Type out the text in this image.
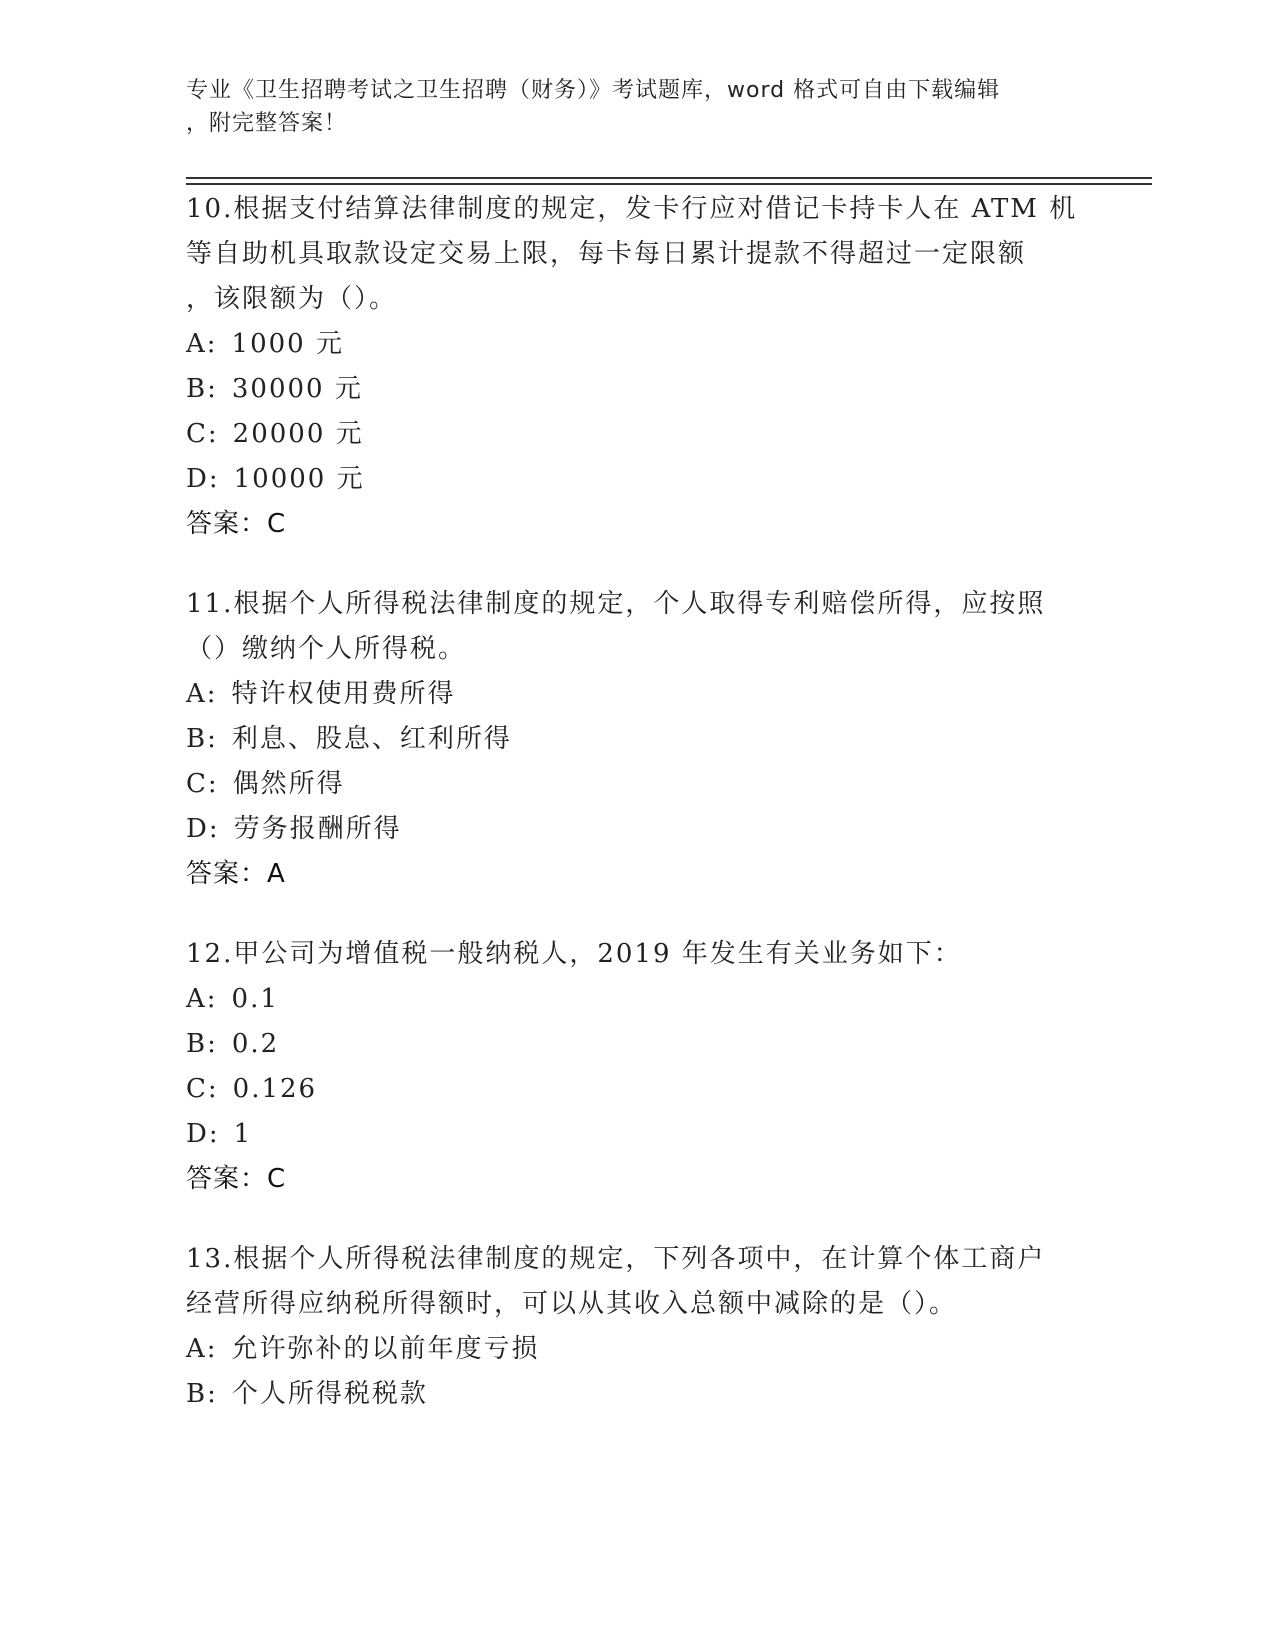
专业《卫生招聘考试之卫生招聘（财务）》考试题库，word 格式可自由下载编辑
，附完整答案！
10.根据支付结算法律制度的规定，发卡行应对借记卡持卡人在 ATM 机
等自助机具取款设定交易上限，每卡每日累计提款不得超过一定限额
，该限额为（）。
A: 1000 元
B: 30000 元
C: 20000 元
D: 10000 元
答案：C
11.根据个人所得税法律制度的规定，个人取得专利赔偿所得，应按照
（）缴纳个人所得税。
A: 特许权使用费所得
B: 利息、股息、红利所得
C: 偶然所得
D: 劳务报酬所得
答案：A
12.甲公司为增值税一般纳税人，2019 年发生有关业务如下：
A: 0.1
B: 0.2
C: 0.126
D: 1
答案：C
13.根据个人所得税法律制度的规定，下列各项中，在计算个体工商户
经营所得应纳税所得额时，可以从其收入总额中减除的是（）。
A: 允许弥补的以前年度亏损
B: 个人所得税税款
